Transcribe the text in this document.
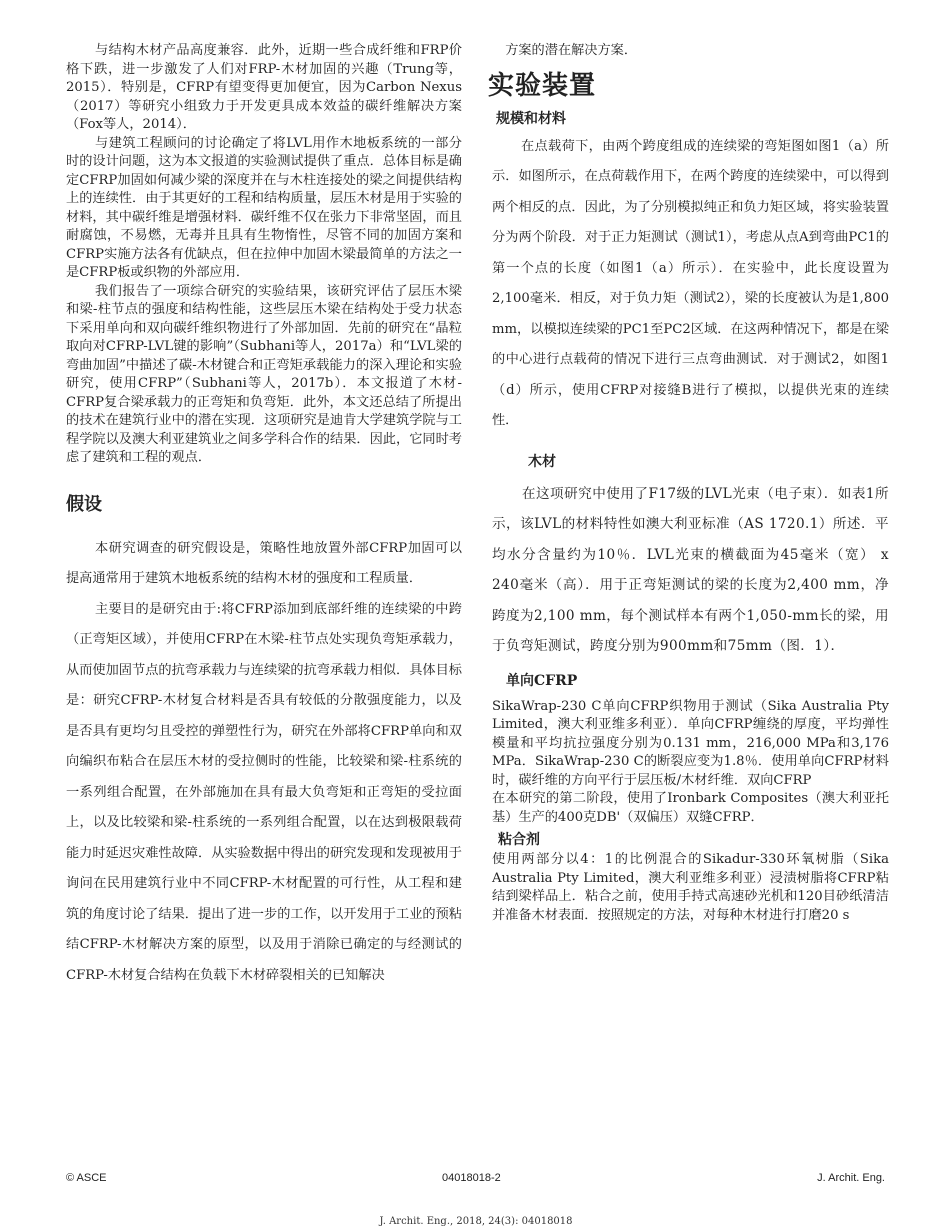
与结构木材产品高度兼容．此外，近期一些合成纤维和FRP价格下跌，进一步激发了人们对FRP-木材加固的兴趣（Trung等，2015）．特别是，CFRP有望变得更加便宜，因为Carbon Nexus（2017）等研究小组致力于开发更具成本效益的碳纤维解决方案（Fox等人，2014）．

与建筑工程顾问的讨论确定了将LVL用作木地板系统的一部分时的设计问题，这为本文报道的实验测试提供了重点．总体目标是确定CFRP加固如何减少梁的深度并在与木柱连接处的梁之间提供结构上的连续性．由于其更好的工程和结构质量，层压木材是用于实验的材料，其中碳纤维是增强材料．碳纤维不仅在张力下非常坚固，而且耐腐蚀，不易燃，无毒并且具有生物惰性，尽管不同的加固方案和CFRP实施方法各有优缺点，但在拉伸中加固木梁最简单的方法之一是CFRP板或织物的外部应用．

我们报告了一项综合研究的实验结果，该研究评估了层压木梁和梁-柱节点的强度和结构性能，这些层压木梁在结构处于受力状态下采用单向和双向碳纤维织物进行了外部加固．先前的研究在“晶粒取向对CFRP-LVL键的影响”（Subhani等人，2017a）和“LVL梁的弯曲加固”中描述了碳-木材键合和正弯矩承载能力的深入理论和实验研究，使用CFRP”（Subhani等人，2017b）．本文报道了木材-CFRP复合梁承载力的正弯矩和负弯矩．此外，本文还总结了所提出的技术在建筑行业中的潜在实现．这项研究是迪肯大学建筑学院与工程学院以及澳大利亚建筑业之间多学科合作的结果．因此，它同时考虑了建筑和工程的观点．

假设

本研究调查的研究假设是，策略性地放置外部CFRP加固可以提高通常用于建筑木地板系统的结构木材的强度和工程质量．

主要目的是研究由于:将CFRP添加到底部纤维的连续梁的中跨（正弯矩区域），并使用CFRP在木梁-柱节点处实现负弯矩承载力，从而使加固节点的抗弯承载力与连续梁的抗弯承载力相似．具体目标是：研究CFRP-木材复合材料是否具有较低的分散强度能力，以及是否具有更均匀且受控的弹塑性行为，研究在外部将CFRP单向和双向编织布粘合在层压木材的受拉侧时的性能，比较梁和梁-柱系统的一系列组合配置，在外部施加在具有最大负弯矩和正弯矩的受拉面上，以及比较梁和梁-柱系统的一系列组合配置，以在达到极限载荷能力时延迟灾难性故障．从实验数据中得出的研究发现和发现被用于询问在民用建筑行业中不同CFRP-木材配置的可行性，从工程和建筑的角度讨论了结果．提出了进一步的工作，以开发用于工业的预粘结CFRP-木材解决方案的原型，以及用于消除已确定的与经测试的CFRP-木材复合结构在负载下木材碎裂相关的已知解决

方案的潜在解决方案．

实验装置
规模和材料

在点载荷下，由两个跨度组成的连续梁的弯矩图如图1（a）所示．如图所示，在点荷载作用下，在两个跨度的连续梁中，可以得到两个相反的点．因此，为了分别模拟纯正和负力矩区域，将实验装置分为两个阶段．对于正力矩测试（测试1），考虑从点A到弯曲PC1的第一个点的长度（如图1（a）所示）．在实验中，此长度设置为2,100毫米．相反，对于负力矩（测试2），梁的长度被认为是1,800 mm，以模拟连续梁的PC1至PC2区域．在这两种情况下，都是在梁的中心进行点载荷的情况下进行三点弯曲测试．对于测试2，如图1（d）所示，使用CFRP对接缝B进行了模拟，以提供光束的连续性．

木材

在这项研究中使用了F17级的LVL光束（电子束）．如表1所示，该LVL的材料特性如澳大利亚标准（AS 1720.1）所述．平均水分含量约为10％．LVL光束的横截面为45毫米（宽） x 240毫米（高）．用于正弯矩测试的梁的长度为2,400 mm，净跨度为2,100 mm，每个测试样本有两个1,050-mm长的梁，用于负弯矩测试，跨度分别为900mm和75mm（图．1）．

单向CFRP

SikaWrap-230 C单向CFRP织物用于测试（Sika Australia Pty Limited，澳大利亚维多利亚）．单向CFRP缠绕的厚度，平均弹性模量和平均抗拉强度分别为0.131 mm，216,000 MPa和3,176 MPa．SikaWrap-230 C的断裂应变为1.8％．使用单向CFRP材料时，碳纤维的方向平行于层压板/木材纤维．双向CFRP

在本研究的第二阶段，使用了Ironbark Composites（澳大利亚托基）生产的400克DB'（双偏压）双缝CFRP．

粘合剂

使用两部分以4：1的比例混合的Sikadur-330环氧树脂（Sika Australia Pty Limited，澳大利亚维多利亚）浸渍树脂将CFRP粘结到梁样品上．粘合之前，使用手持式高速砂光机和120目砂纸清洁并准备木材表面．按照规定的方法，对每种木材进行打磨20 s

© ASCE	04018018-2	J. Archit. Eng.
J. Archit. Eng., 2018, 24(3): 04018018
